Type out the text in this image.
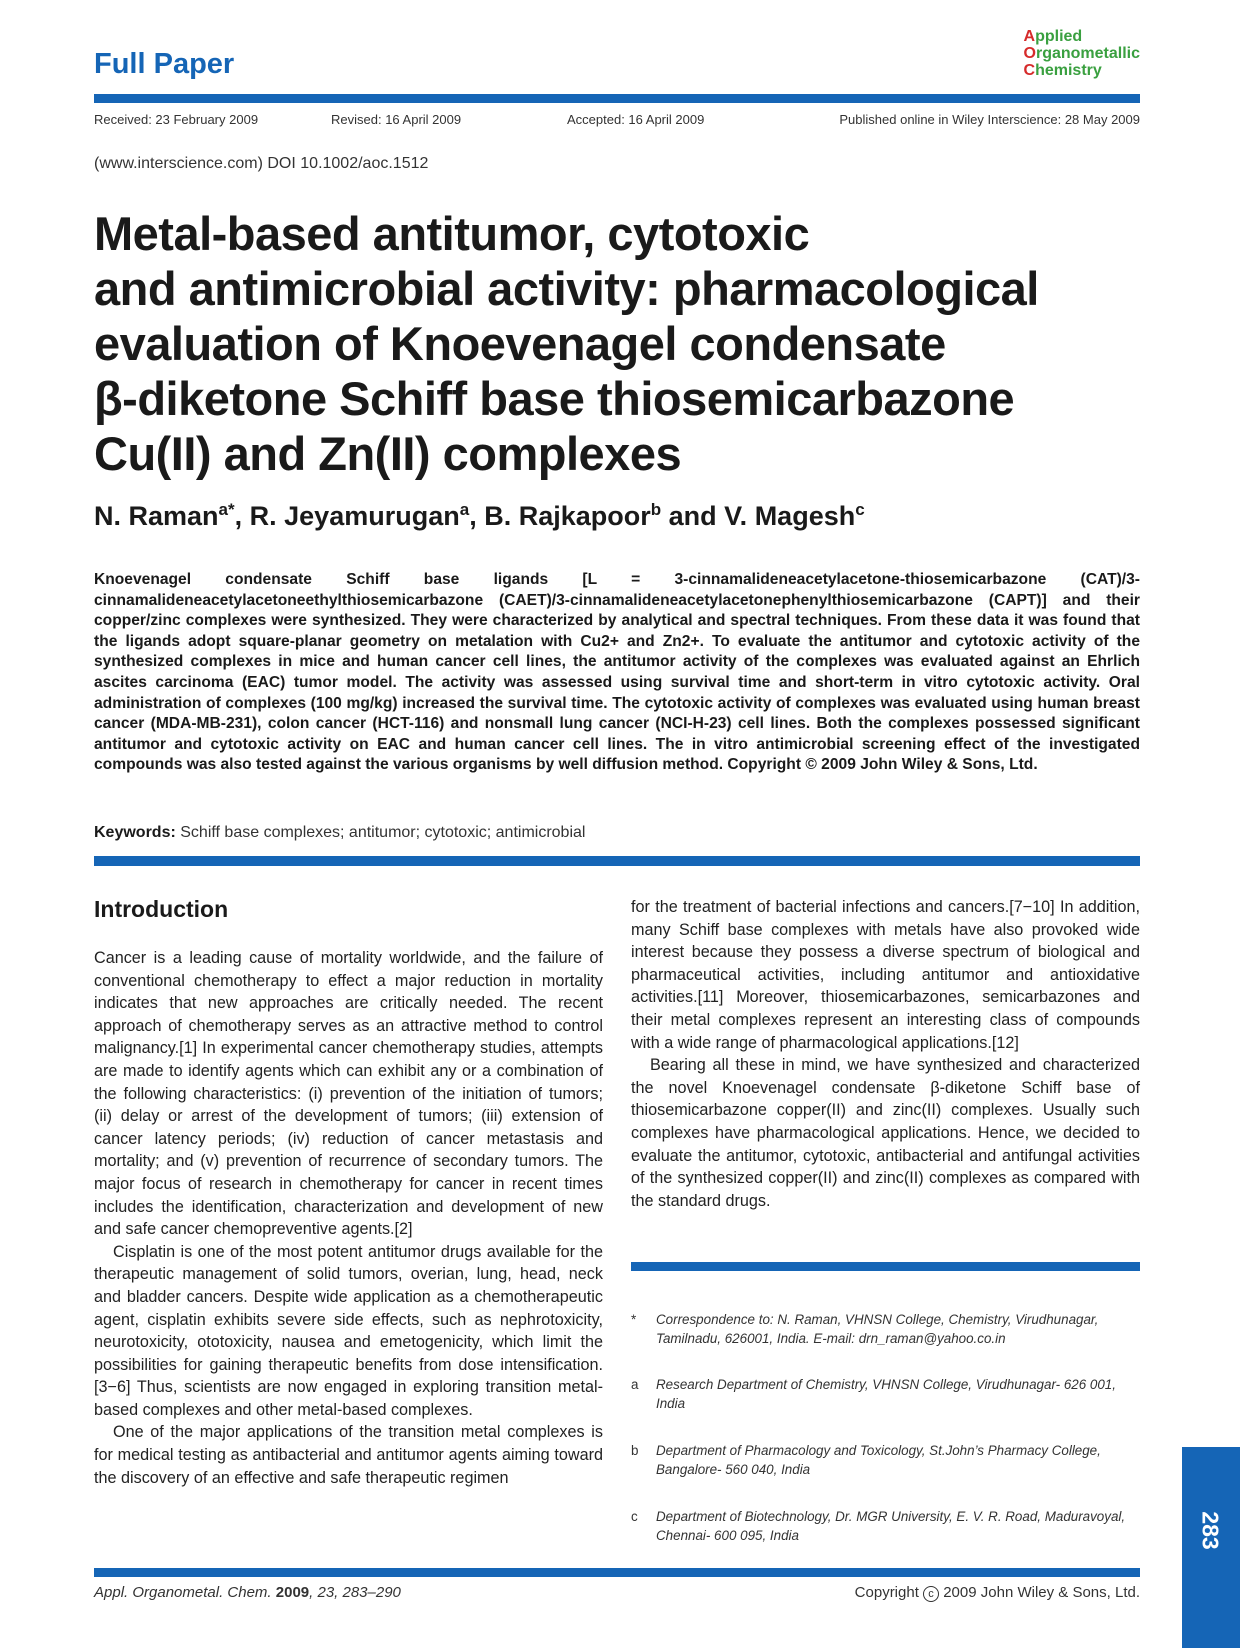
Full Paper
Applied
Organometallic
Chemistry
Received: 23 February 2009	Revised: 16 April 2009	Accepted: 16 April 2009	Published online in Wiley Interscience: 28 May 2009
(www.interscience.com) DOI 10.1002/aoc.1512
Metal-based antitumor, cytotoxic
and antimicrobial activity: pharmacological
evaluation of Knoevenagel condensate
β-diketone Schiff base thiosemicarbazone
Cu(II) and Zn(II) complexes
N. Raman$^{a*}$, R. Jeyamurugan$^a$, B. Rajkapoor$^b$ and V. Magesh$^c$
Knoevenagel condensate Schiff base ligands [L = 3-cinnamalideneacetylacetone-thiosemicarbazone (CAT)/3-cinnamalideneacetylacetoneethylthiosemicarbazone (CAET)/3-cinnamalideneacetylacetonephenylthiosemicarbazone (CAPT)] and their copper/zinc complexes were synthesized. They were characterized by analytical and spectral techniques. From these data it was found that the ligands adopt square-planar geometry on metalation with Cu2+ and Zn2+. To evaluate the antitumor and cytotoxic activity of the synthesized complexes in mice and human cancer cell lines, the antitumor activity of the complexes was evaluated against an Ehrlich ascites carcinoma (EAC) tumor model. The activity was assessed using survival time and short-term in vitro cytotoxic activity. Oral administration of complexes (100 mg/kg) increased the survival time. The cytotoxic activity of complexes was evaluated using human breast cancer (MDA-MB-231), colon cancer (HCT-116) and nonsmall lung cancer (NCI-H-23) cell lines. Both the complexes possessed significant antitumor and cytotoxic activity on EAC and human cancer cell lines. The in vitro antimicrobial screening effect of the investigated compounds was also tested against the various organisms by well diffusion method. Copyright © 2009 John Wiley & Sons, Ltd.
Keywords: Schiff base complexes; antitumor; cytotoxic; antimicrobial
Introduction

Cancer is a leading cause of mortality worldwide, and the failure of conventional chemotherapy to effect a major reduction in mortality indicates that new approaches are critically needed. The recent approach of chemotherapy serves as an attractive method to control malignancy.[1] In experimental cancer chemotherapy studies, attempts are made to identify agents which can exhibit any or a combination of the following characteristics: (i) prevention of the initiation of tumors; (ii) delay or arrest of the development of tumors; (iii) extension of cancer latency periods; (iv) reduction of cancer metastasis and mortality; and (v) prevention of recurrence of secondary tumors. The major focus of research in chemotherapy for cancer in recent times includes the identification, characterization and development of new and safe cancer chemopreventive agents.[2]

Cisplatin is one of the most potent antitumor drugs available for the therapeutic management of solid tumors, overian, lung, head, neck and bladder cancers. Despite wide application as a chemotherapeutic agent, cisplatin exhibits severe side effects, such as nephrotoxicity, neurotoxicity, ototoxicity, nausea and emetogenicity, which limit the possibilities for gaining therapeutic benefits from dose intensification.[3−6] Thus, scientists are now engaged in exploring transition metal-based complexes and other metal-based complexes.

One of the major applications of the transition metal complexes is for medical testing as antibacterial and antitumor agents aiming toward the discovery of an effective and safe therapeutic regimen

for the treatment of bacterial infections and cancers.[7−10] In addition, many Schiff base complexes with metals have also provoked wide interest because they possess a diverse spectrum of biological and pharmaceutical activities, including antitumor and antioxidative activities.[11] Moreover, thiosemicarbazones, semicarbazones and their metal complexes represent an interesting class of compounds with a wide range of pharmacological applications.[12]

Bearing all these in mind, we have synthesized and characterized the novel Knoevenagel condensate β-diketone Schiff base of thiosemicarbazone copper(II) and zinc(II) complexes. Usually such complexes have pharmacological applications. Hence, we decided to evaluate the antitumor, cytotoxic, antibacterial and antifungal activities of the synthesized copper(II) and zinc(II) complexes as compared with the standard drugs.

*	Correspondence to: N. Raman, VHNSN College, Chemistry, Virudhunagar, Tamilnadu, 626001, India. E-mail: drn_raman@yahoo.co.in
a	Research Department of Chemistry, VHNSN College, Virudhunagar- 626 001, India
b	Department of Pharmacology and Toxicology, St.John’s Pharmacy College, Bangalore- 560 040, India
c	Department of Biotechnology, Dr. MGR University, E. V. R. Road, Maduravoyal, Chennai- 600 095, India
Appl. Organometal. Chem. 2009, 23, 283–290	Copyright c 2009 John Wiley & Sons, Ltd.
283
